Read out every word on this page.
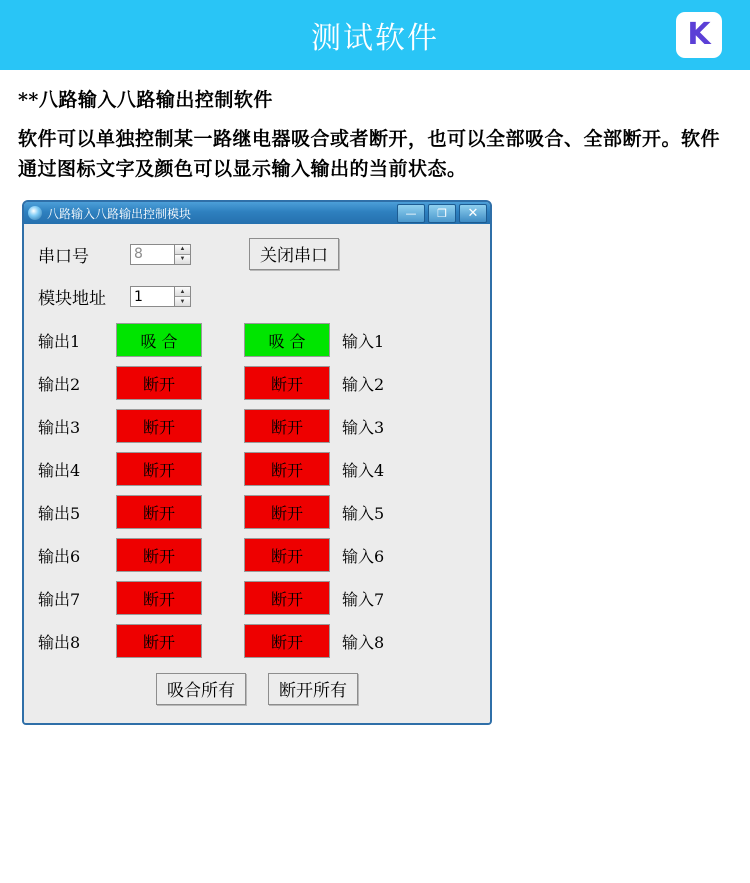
测试软件	K

**八路输入八路输出控制软件

软件可以单独控制某一路继电器吸合或者断开，也可以全部吸合、全部断开。软件通过图标文字及颜色可以显示输入输出的当前状态。

八路输入八路输出控制模块	—	❐	✕
串口号
8	▲
▼	关闭串口
模块地址
1	▲
▼
输出1	吸 合	吸 合	输入1
输出2	断开	断开	输入2
输出3	断开	断开	输入3
输出4	断开	断开	输入4
输出5	断开	断开	输入5
输出6	断开	断开	输入6
输出7	断开	断开	输入7
输出8	断开	断开	输入8
吸合所有	断开所有
